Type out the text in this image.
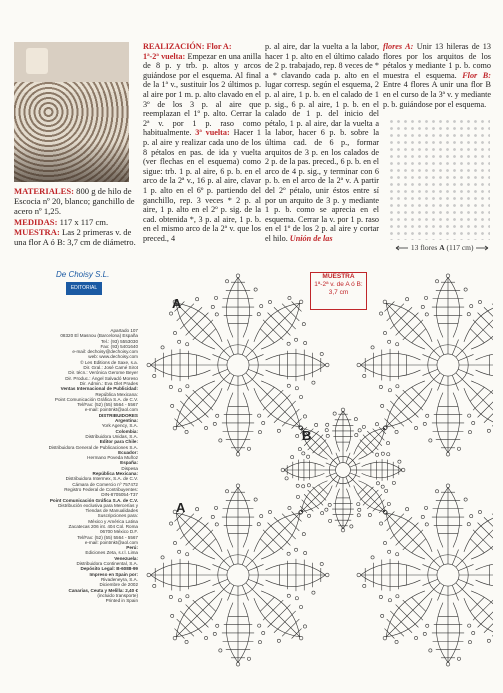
MATERIALES: 800 g de hilo de Escocia nº 20, blanco; ganchillo de acero nº 1,25.
MEDIDAS: 117 x 117 cm.
MUESTRA: Las 2 primeras v. de una flor A ó B: 3,7 cm de diámetro.
REALIZACIÓN: Flor A:
1ª-2ª vuelta: Empezar en una anilla de 8 p. y trb. p. altos y arcos guiándose por el esquema. Al final de la 1ª v., sustituir los 2 últimos p. al aire por 1 m. p. alto clavado en el 3º de los 3 p. al aire que reemplazan el 1º p. alto. Cerrar la 2ª v. por 1 p. raso como habitualmente. 3ª vuelta: Hacer 1 p. al aire y realizar cada uno de los 8 pétalos en pas. de ida y vuelta (ver flechas en el esquema) como sigue: trb. 1 p. al aire, 6 p. b. en el arco de la 2ª v., 16 p. al aire, clavar 1 p. alto en el 6º p. partiendo del ganchillo, rep. 3 veces * 2 p. al aire, 1 p. alto en el 2º p. sig. de la cad. obtenida *, 3 p. al aire, 1 p. b. en el mismo arco de la 2ª v. que los preced., 4
p. al aire, dar la vuelta a la labor, hacer 1 p. alto en el último calado de 2 p. trabajado, rep. 8 veces de * a * clavando cada p. alto en el lugar corresp. según el esquema, 2 p. al aire, 1 p. b. en el calado de 1 p. sig., 6 p. al aire, 1 p. b. en el calado de 1 p. del inicio del pétalo, 1 p. al aire, dar la vuelta a la labor, hacer 6 p. b. sobre la última cad. de 6 p., formar arquitos de 3 p. en los calados de 2 p. de la pas. preced., 6 p. b. en el arco de 4 p. sig., y terminar con 6 p. b. en el arco de la 2ª v. A partir del 2º pétalo, unir éstos entre sí por un arquito de 3 p. y mediante 1 p. b. como se aprecia en el esquema. Cerrar la v. por 1 p. raso en el 1º de los 2 p. al aire y cortar el hilo. Unión de las
flores A: Unir 13 hileras de 13 flores por los arquitos de los pétalos y mediante 1 p. b. como muestra el esquema. Flor B: Entre 4 flores A unir una flor B en el curso de la 3ª v. y mediante p. b. guiándose por el esquema.
13 flores A (117 cm)
De Choisy S.L.
EDITORIAL
Apartado 107
08320 El Masnou (Barcelona) España
Tel.: (93) 5553030
Fax: (93) 5401640
e-mail: dechoisy@dechoisy.com
web: www.dechoisy.com
© Les Editions de Saxe, s.a.
Dir. Gral.: José Camé Sirot
Dir. técn.: Verónica Gerome Beyer
Dir. Produc.: Ángel Salvadó Moreso
Dir. Admin.: Eva Olet Prades
Ventas Internacional de Publicidad:
República Mexicana:
Point Comunicación Gráfica S.A. de C.V.
Tel/Fax: (52) (55) 5564 - 5567
e-mail: pointmkt@aol.com
DISTRIBUIDORES
Argentina:
York Agency, S.A.
Colombia:
Distribuidora Unidas, S.A.
Editor para Chile:
Distribuidora General de Publicaciones S.A.
Ecuador:
Hermano Poveda Muñoz
España:
Dispesa
República Mexicana:
Distribuidora Intermex, S.A. de C.V.
Cámara de Comercio nº 757472
Registro Federal de Contribuyentes:
DIN-8705054-T37
Point Comunicación Gráfica S.A. de C.V.
Distribución exclusiva para Mercerías y
Tiendas de Manualidades
Suscripciones para:
México y América Latina
Zacatecas 206 int. 404 Col. Roma
06700 México D.F.
Tel/Fax: (52) (55) 5564 - 5567
e-mail: pointmkt@aol.com
Perú:
Ediciones Zeta, s.r.l. Lima
Venezuela:
Distribuidora Continental, S.A.
Depósito Legal: B-6088-99
Impreso en Spain por:
Rivadeneyra, S.A.
Diciembre de 2002
Canarias, Ceuta y Melilla: 2,40 €
(incluido transporte)
Printed in Spain
A
A
B
MUESTRA
1ª-2ª v. de A ó B:
3,7 cm
